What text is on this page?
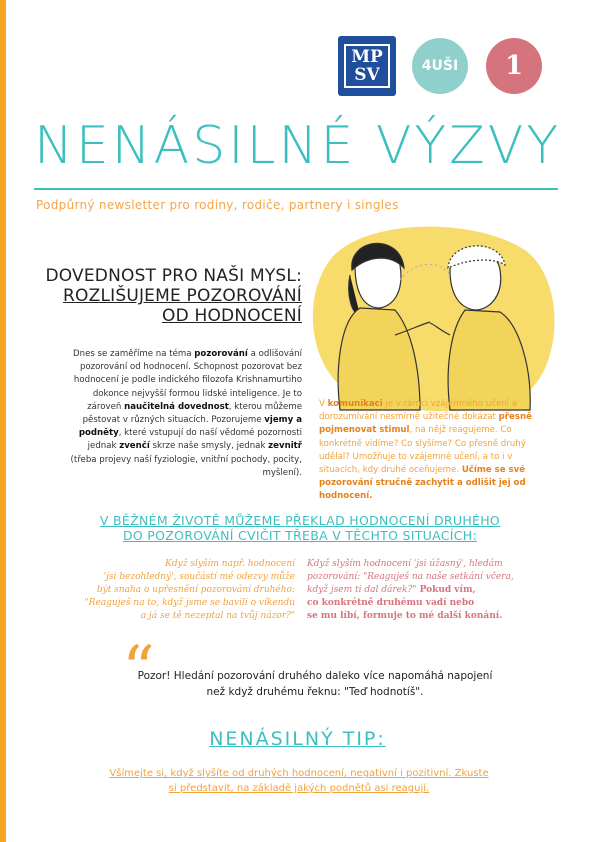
MP
SV	4UŠI	1
NENÁSILNÉ VÝZVY
Podpůrný newsletter pro rodiny, rodiče, partnery i singles
DOVEDNOST PRO NAŠI MYSL:
ROZLIŠUJEME POZOROVÁNÍ
OD HODNOCENÍ
Dnes se zaměříme na téma pozorování a odlišování pozorování od hodnocení. Schopnost pozorovat bez hodnocení je podle indického filozofa Krishnamurtiho dokonce nejvyšší formou lidské inteligence. Je to zároveň naučitelná dovednost, kterou můžeme pěstovat v různých situacích. Pozorujeme vjemy a podněty, které vstupují do naší vědomé pozornosti jednak zvenčí skrze naše smysly, jednak zevnitř (třeba projevy naší fyziologie, vnitřní pochody, pocity, myšlení).
V komunikaci je v rámci vzájemného učení a dorozumívání nesmírně užitečné dokázat přesně pojmenovat stimul, na nějž reagujeme. Co konkrétně vidíme? Co slyšíme? Co přesně druhý udělal? Umožňuje to vzájemné učení, a to i v situacích, kdy druhé oceňujeme. Učíme se své pozorování stručně zachytit a odlišit jej od hodnocení.
V BĚŽNÉM ŽIVOTĚ MŮŽEME PŘEKLAD HODNOCENÍ DRUHÉHO
DO POZOROVÁNÍ CVIČIT TŘEBA V TĚCHTO SITUACÍCH:
Když slyším např. hodnocení
'jsi bezohledný', součástí mé odezvy může
být snaha o upřesnění pozorování druhého:
"Reaguješ na to, když jsme se bavili o víkendu
a já se tě nezeptal na tvůj názor?"
Když slyším hodnocení 'jsi úžasný', hledám
pozorování: "Reaguješ na naše setkání včera,
když jsem ti dal dárek?" Pokud vím,
co konkrétně druhému vadí nebo
se mu líbí, formuje to mé další konání.
“
Pozor! Hledání pozorování druhého daleko více napomáhá napojení
než když druhému řeknu: "Teď hodnotíš".
NENÁSILNÝ TIP:
Všímejte si, když slyšíte od druhých hodnocení, negativní i pozitivní. Zkuste
si představit, na základě jakých podnětů asi reagují.
